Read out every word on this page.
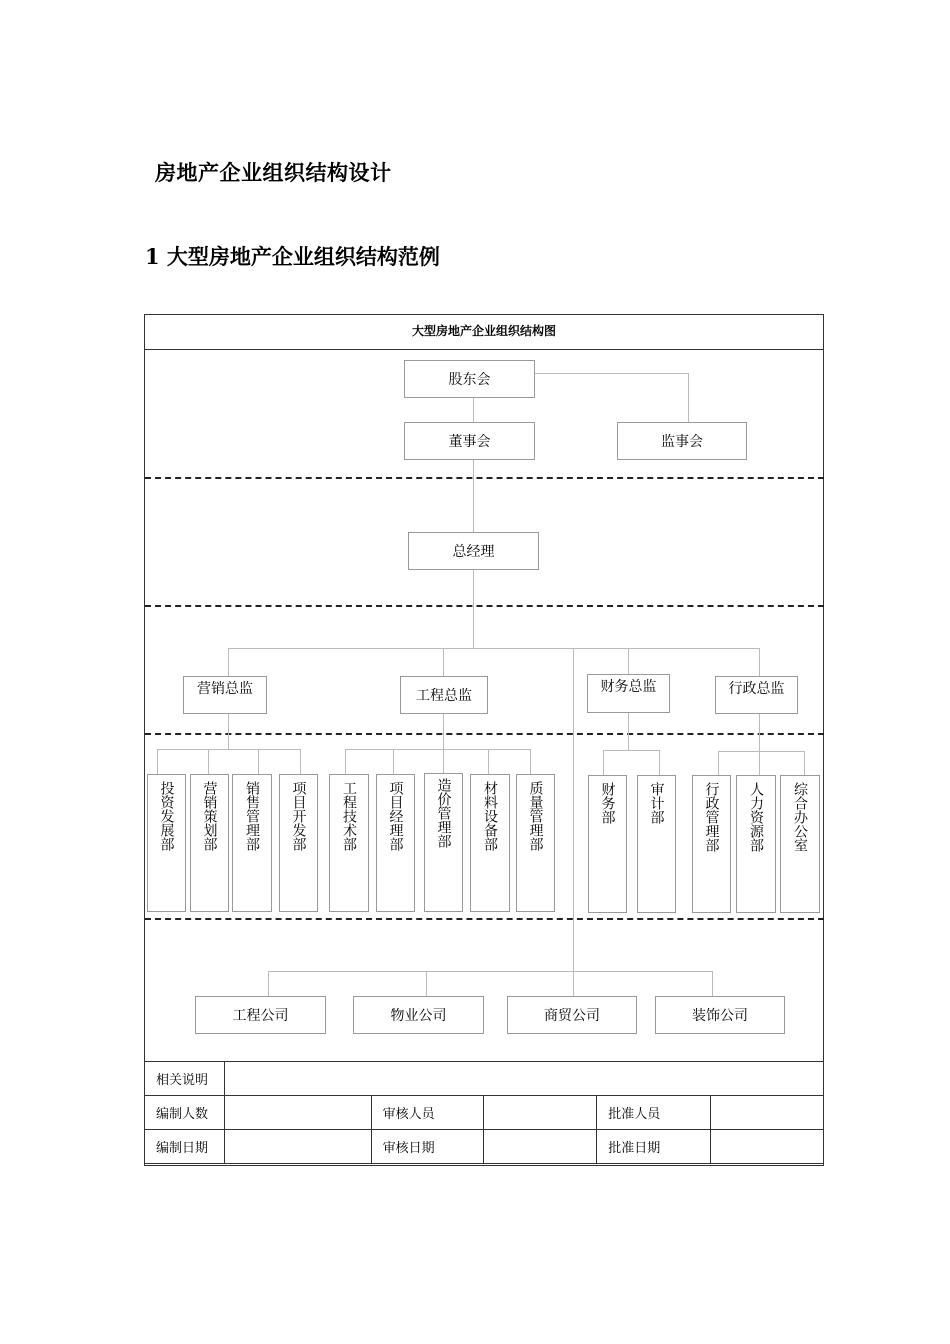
房地产企业组织结构设计
1 大型房地产企业组织结构范例
大型房地产企业组织结构图
股东会
董事会	监事会
总经理
营销总监	工程总监
财务总监	行政总监
投资发展部	营销策划部	销售管理部	项目开发部	工程技术部	项目经理部	造价管理部	材料设备部	质量管理部	财务部	审计部	行政管理部	人力资源部	综合办公室
工程公司	物业公司	商贸公司	装饰公司
相关说明					
编制人数		审核人员		批准人员	
编制日期		审核日期		批准日期	
